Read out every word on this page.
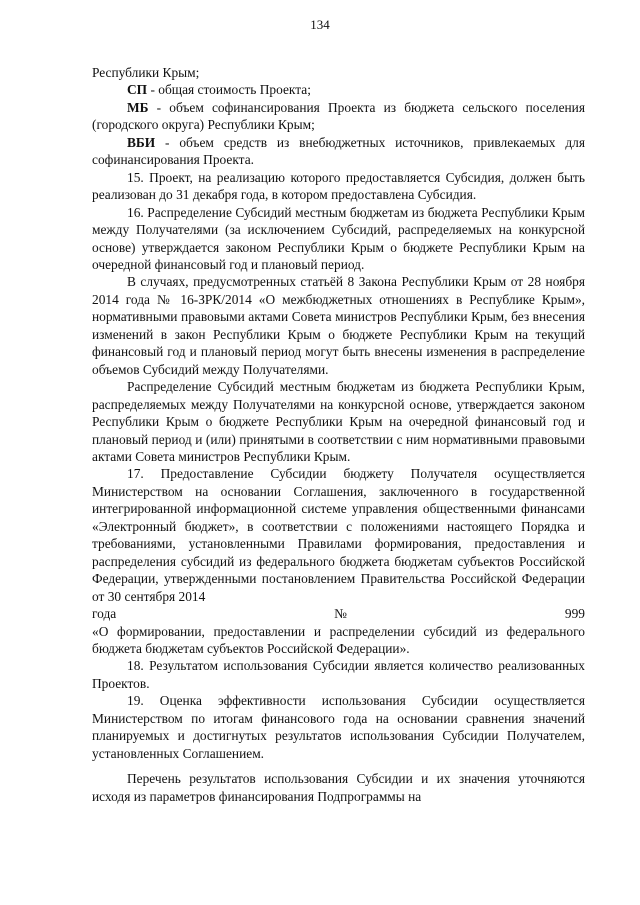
134

Республики Крым;

СП - общая стоимость Проекта;

МБ - объем софинансирования Проекта из бюджета сельского поселения (городского округа) Республики Крым;

ВБИ - объем средств из внебюджетных источников, привлекаемых для софинансирования Проекта.

15. Проект, на реализацию которого предоставляется Субсидия, должен быть реализован до 31 декабря года, в котором предоставлена Субсидия.

16. Распределение Субсидий местным бюджетам из бюджета Республики Крым между Получателями (за исключением Субсидий, распределяемых на конкурсной основе) утверждается законом Республики Крым о бюджете Республики Крым на очередной финансовый год и плановый период.

В случаях, предусмотренных статьёй 8 Закона Республики Крым от 28 ноября 2014 года № 16-ЗРК/2014 «О межбюджетных отношениях в Республике Крым», нормативными правовыми актами Совета министров Республики Крым, без внесения изменений в закон Республики Крым о бюджете Республики Крым на текущий финансовый год и плановый период могут быть внесены изменения в распределение объемов Субсидий между Получателями.

Распределение Субсидий местным бюджетам из бюджета Республики Крым, распределяемых между Получателями на конкурсной основе, утверждается законом Республики Крым о бюджете Республики Крым на очередной финансовый год и плановый период и (или) принятыми в соответствии с ним нормативными правовыми актами Совета министров Республики Крым.

17. Предоставление Субсидии бюджету Получателя осуществляется Министерством на основании Соглашения, заключенного в государственной интегрированной информационной системе управления общественными финансами «Электронный бюджет», в соответствии с положениями настоящего Порядка и требованиями, установленными Правилами формирования, предоставления и распределения субсидий из федерального бюджета бюджетам субъектов Российской Федерации, утвержденными постановлением Правительства Российской Федерации от 30 сентября 2014

года	№	999

«О формировании, предоставлении и распределении субсидий из федерального бюджета бюджетам субъектов Российской Федерации».

18. Результатом использования Субсидии является количество реализованных Проектов.

19. Оценка эффективности использования Субсидии осуществляется Министерством по итогам финансового года на основании сравнения значений планируемых и достигнутых результатов использования Субсидии Получателем, установленных Соглашением.

Перечень результатов использования Субсидии и их значения уточняются исходя из параметров финансирования Подпрограммы на
